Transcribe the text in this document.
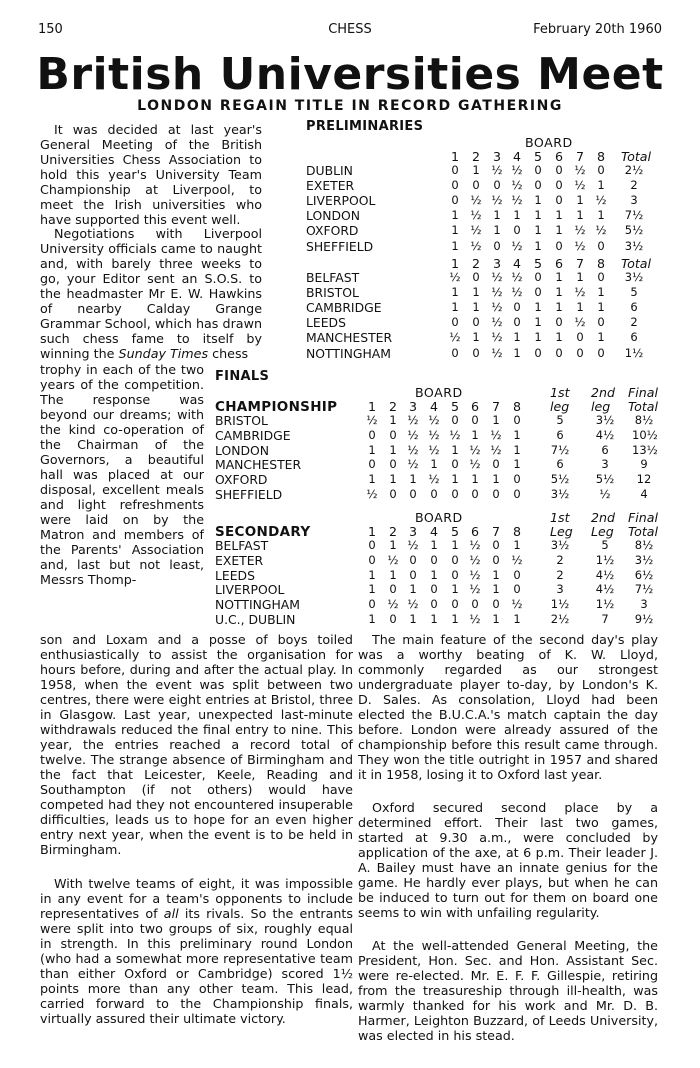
150	CHESS	February 20th 1960
British Universities Meet
LONDON REGAIN TITLE IN RECORD GATHERING

It was decided at last year's General Meeting of the British Universities Chess Association to hold this year's University Team Championship at Liverpool, to meet the Irish universities who have supported this event well.

Negotiations with Liverpool University officials came to naught and, with barely three weeks to go, your Editor sent an S.O.S. to the headmaster Mr E. W. Hawkins of nearby Calday Grange Grammar School, which has drawn such chess fame to itself by winning the Sunday Times chess

trophy in each of the two years of the competition. The response was beyond our dreams; with the kind co-operation of the Chairman of the Governors, a beautiful hall was placed at our disposal, excellent meals and light refreshments were laid on by the Matron and members of the Parents' Association and, last but not least, Messrs Thomp-

son and Loxam and a posse of boys toiled enthusiastically to assist the organisation for hours before, during and after the actual play. In 1958, when the event was split between two centres, there were eight entries at Bristol, three in Glasgow. Last year, unexpected last-minute withdrawals reduced the final entry to nine. This year, the entries reached a record total of twelve. The strange absence of Birmingham and the fact that Leicester, Keele, Reading and Southampton (if not others) would have competed had they not encountered insuperable difficulties, leads us to hope for an even higher entry next year, when the event is to be held in Birmingham.

With twelve teams of eight, it was impossible in any event for a team's opponents to include representatives of all its rivals. So the entrants were split into two groups of six, roughly equal in strength. In this preliminary round London (who had a somewhat more representative team than either Oxford or Cambridge) scored 1½ points more than any other team. This lead, carried forward to the Championship finals, virtually assured their ultimate victory.

The main feature of the second day's play was a worthy beating of K. W. Lloyd, commonly regarded as our strongest undergraduate player to-day, by London's K. D. Sales. As consolation, Lloyd had been elected the B.U.C.A.'s match captain the day before. London were already assured of the championship before this result came through. They won the title outright in 1957 and shared it in 1958, losing it to Oxford last year.

Oxford secured second place by a determined effort. Their last two games, started at 9.30 a.m., were concluded by application of the axe, at 6 p.m. Their leader J. A. Bailey must have an innate genius for the game. He hardly ever plays, but when he can be induced to turn out for them on board one seems to win with unfailing regularity.

At the well-attended General Meeting, the President, Hon. Sec. and Hon. Assistant Sec. were re-elected. Mr. E. F. F. Gillespie, retiring from the treasureship through ill-health, was warmly thanked for his work and Mr. D. B. Harmer, Leighton Buzzard, of Leeds University, was elected in his stead.

PRELIMINARIES
BOARD
1 2 3 4 5 6 7 8 Total
DUBLIN	0 1 ½ ½ 0 0 ½ 0 2½
EXETER	0 0 0 ½ 0 0 ½ 1	2
LIVERPOOL	0 ½ ½ ½ 1 0 1 ½	3
LONDON	1 ½ 1 1 1 1 1 1 7½
OXFORD	1 ½ 1 0 1 1 ½ ½ 5½
SHEFFIELD	1 ½ 0 ½ 1 0 ½ 0 3½
1 2 3 4 5 6 7 8 Total
BELFAST	½ 0 ½ ½ 0 1 1 0 3½
BRISTOL	1 1 ½ ½ 0 1 ½ 1	5
CAMBRIDGE	1 1 ½ 0 1 1 1 1	6
LEEDS	0 0 ½ 0 1 0 ½ 0	2
MANCHESTER	½ 1 ½ 1 1 1 0 1	6
NOTTINGHAM	0 0 ½ 1 0 0 0 0 1½
FINALS
BOARD	1st 2nd Final
CHAMPIONSHIP 1 2 3 4 5 6 7 8 leg leg Total
BRISTOL	½ 1 ½ ½ 0 0 1 0	5	3½ 8½
CAMBRIDGE	0 0 ½ ½ ½ 1 ½ 1	6	4½ 10½
LONDON	1 1 ½ ½ 1 ½ ½ 1	7½	6	13½
MANCHESTER	0 0 ½ 1 0 ½ 0 1	6	3	9
OXFORD	1 1 1 ½ 1 1 1 0	5½ 5½	12
SHEFFIELD	½ 0 0 0 0 0 0 0	3½	½	4
BOARD	1st 2nd Final
SECONDARY	1 2 3 4 5 6 7 8 Leg Leg Total
BELFAST	0 1 ½ 1 1 ½ 0 1	3½	5	8½
EXETER	0 ½ 0 0 0 ½ 0 ½	2	1½ 3½
LEEDS	1 1 0 1 0 ½ 1 0	2	4½ 6½
LIVERPOOL	1 0 1 0 1 ½ 1 0	3	4½ 7½
NOTTINGHAM	0 ½ ½ 0 0 0 0 ½ 1½ 1½	3
U.C., DUBLIN	1 0 1 1 1 ½ 1 1	2½	7	9½
